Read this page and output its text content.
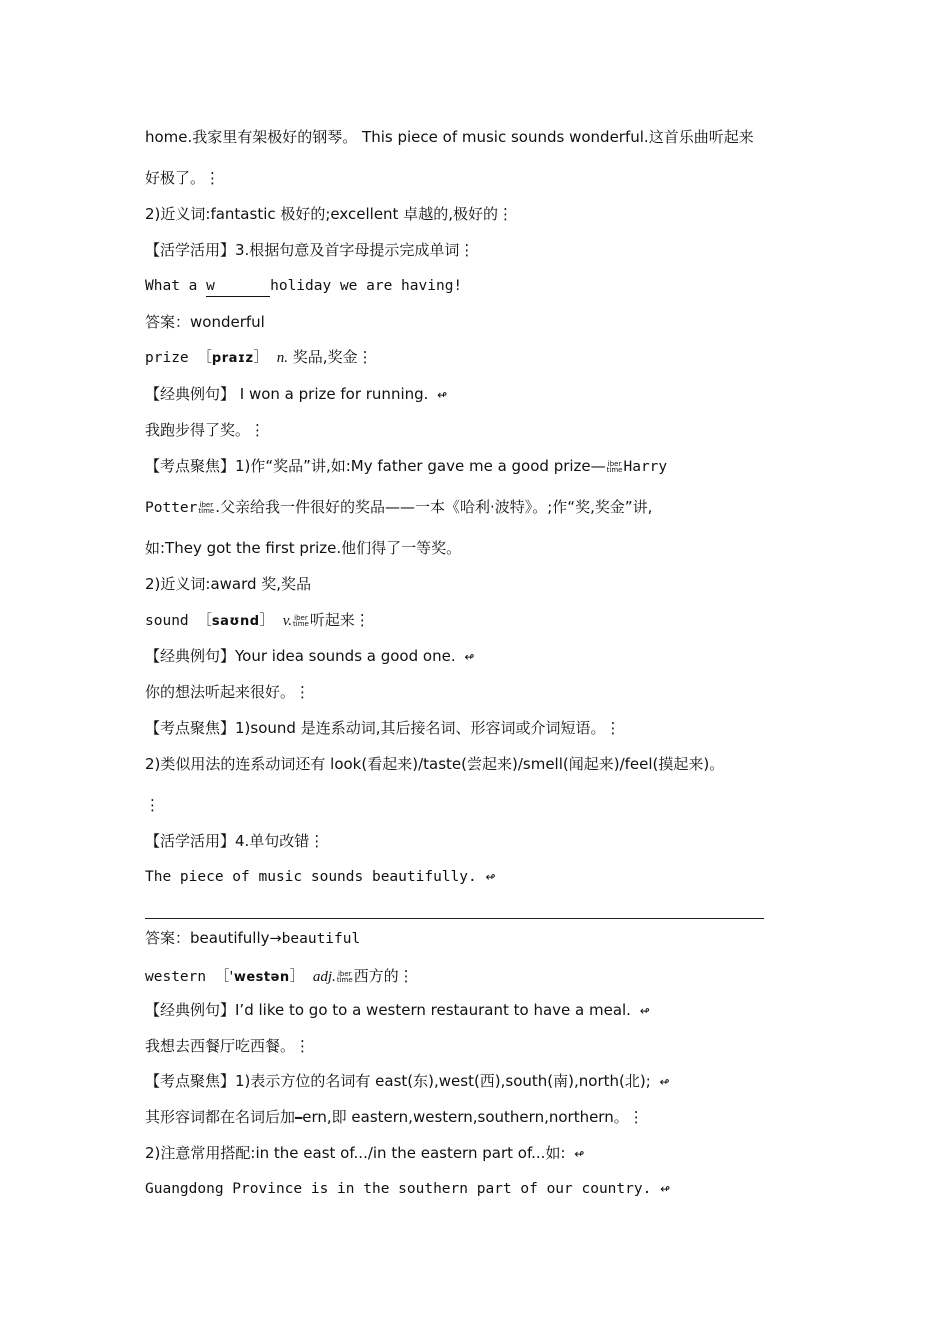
home.我家里有架极好的钢琴。 This piece of music sounds wonderful.这首乐曲听起来
好极了。⋮
2)近义词:fantastic 极好的;excellent 卓越的,极好的⋮
【活学活用】3.根据句意及首字母提示完成单词⋮
What a w	holiday we are having!
答案：wonderful
prize ［praɪz］ n. 奖品,奖金⋮
【经典例句】 I won a prize for running. ↫
我跑步得了奖。⋮
【考点聚焦】1)作“奖品”讲,如:My father gave me a good prize— iber
time Harry
Potter iber
time .父亲给我一件很好的奖品——一本《哈利·波特》。;作“奖,奖金”讲,
如:They got the first prize.他们得了一等奖。
2)近义词:award 奖,奖品
sound ［saʊnd］ v. iber
time 听起来⋮
【经典例句】Your idea sounds a good one. ↫
你的想法听起来很好。⋮
【考点聚焦】1)sound 是连系动词,其后接名词、形容词或介词短语。⋮
2)类似用法的连系动词还有 look(看起来)/taste(尝起来)/smell(闻起来)/feel(摸起来)。
⋮
【活学活用】4.单句改错⋮
The piece of music sounds beautifully. ↫
答案：beautifully→beautiful
western ［ˈwestən］ adj. iber
time 西方的⋮
【经典例句】I’d like to go to a western restaurant to have a meal. ↫
我想去西餐厅吃西餐。⋮
【考点聚焦】1)表示方位的名词有 east(东),west(西),south(南),north(北); ↫
其形容词都在名词后加━ern,即 eastern,western,southern,northern。⋮
2)注意常用搭配:in the east of.../in the eastern part of...如: ↫
Guangdong Province is in the southern part of our country. ↫
